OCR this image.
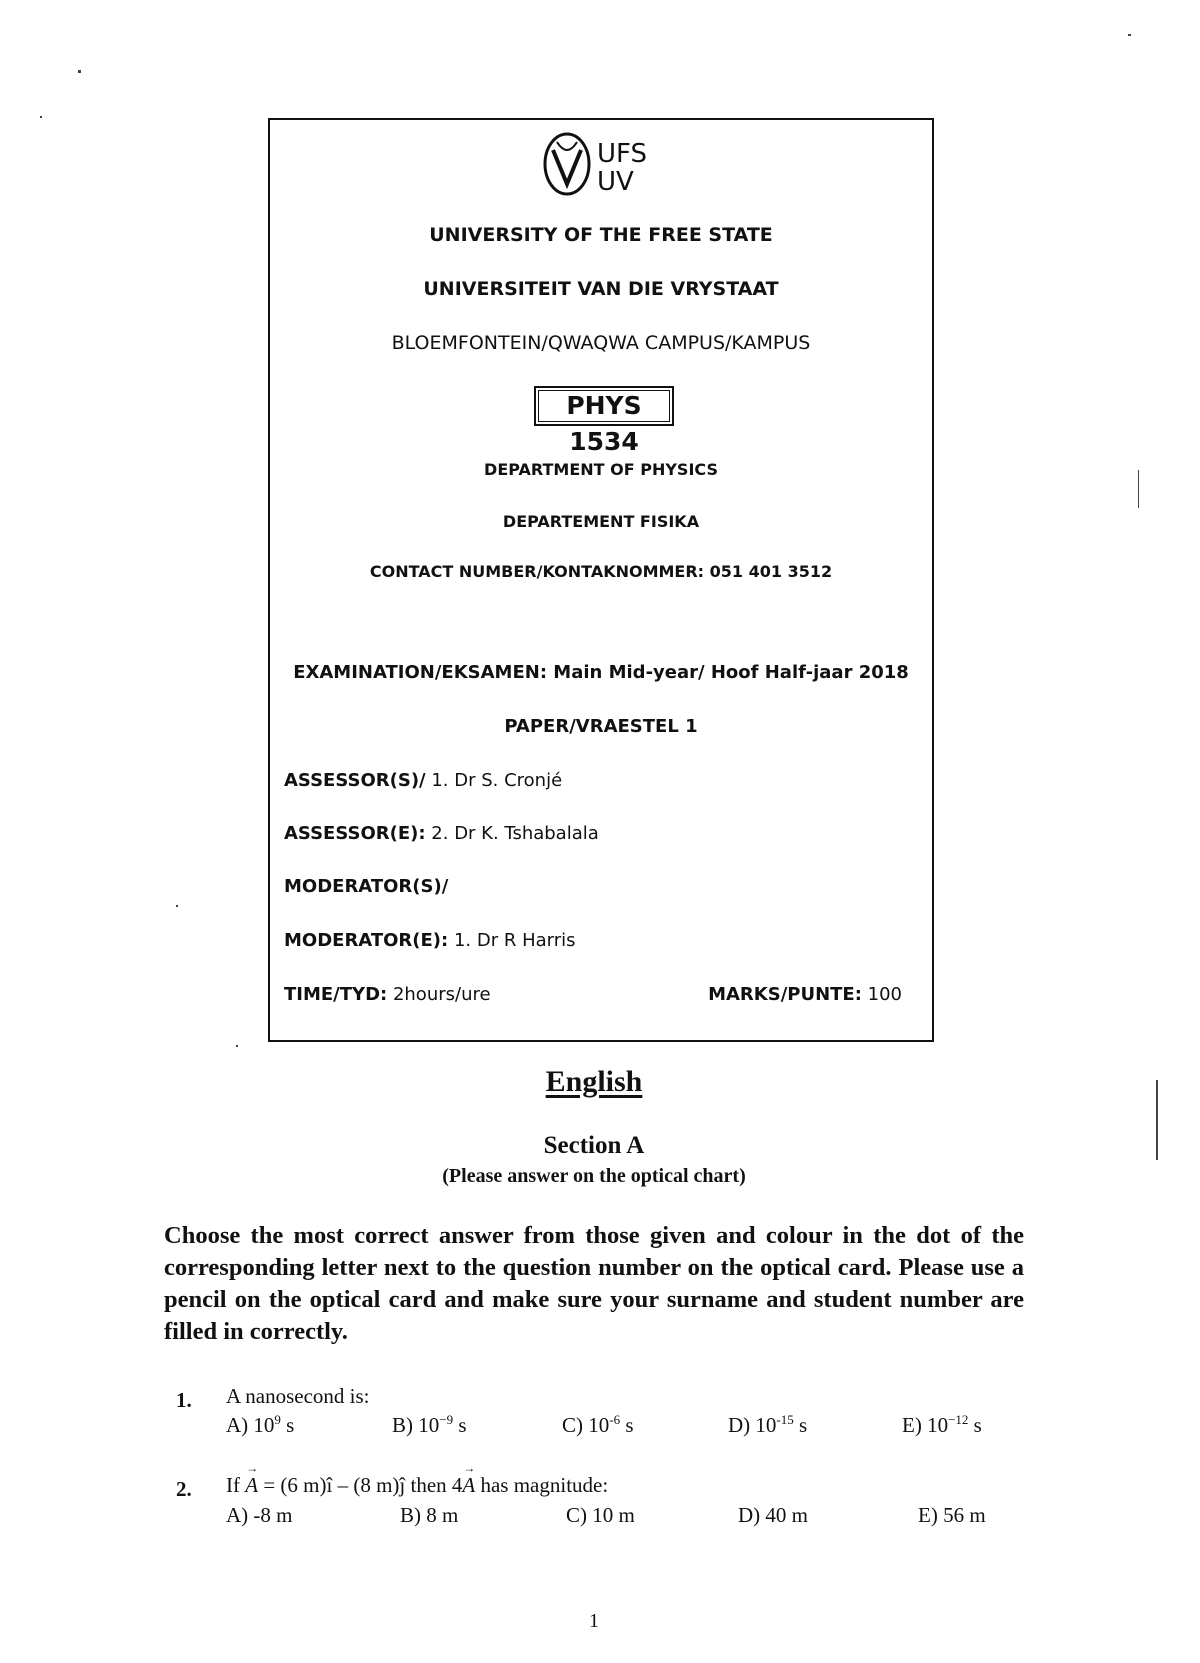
UFS
UV
UNIVERSITY OF THE FREE STATE
UNIVERSITEIT VAN DIE VRYSTAAT
BLOEMFONTEIN/QWAQWA CAMPUS/KAMPUS
PHYS 1534
DEPARTMENT OF PHYSICS
DEPARTEMENT FISIKA
CONTACT NUMBER/KONTAKNOMMER: 051 401 3512
EXAMINATION/EKSAMEN: Main Mid-year/ Hoof Half-jaar 2018
PAPER/VRAESTEL 1
ASSESSOR(S)/ 1. Dr S. Cronjé
ASSESSOR(E): 2. Dr K. Tshabalala
MODERATOR(S)/
MODERATOR(E): 1. Dr R Harris
TIME/TYD: 2hours/ure	MARKS/PUNTE: 100
English
Section A
(Please answer on the optical chart)
Choose the most correct answer from those given and colour in the dot of the corresponding letter next to the question number on the optical card. Please use a pencil on the optical card and make sure your surname and student number are filled in correctly.
1. A nanosecond is:
A) $10^9$ s	B) $10^{-9}$ s	C) $10^{-6}$ s	D) $10^{-15}$ s	E) $10^{-12}$ s
2. If → A = (6 m)î – (8 m)ĵ then 4→ A has magnitude:
A) -8 m	B) 8 m	C) 10 m	D) 40 m	E) 56 m
1
